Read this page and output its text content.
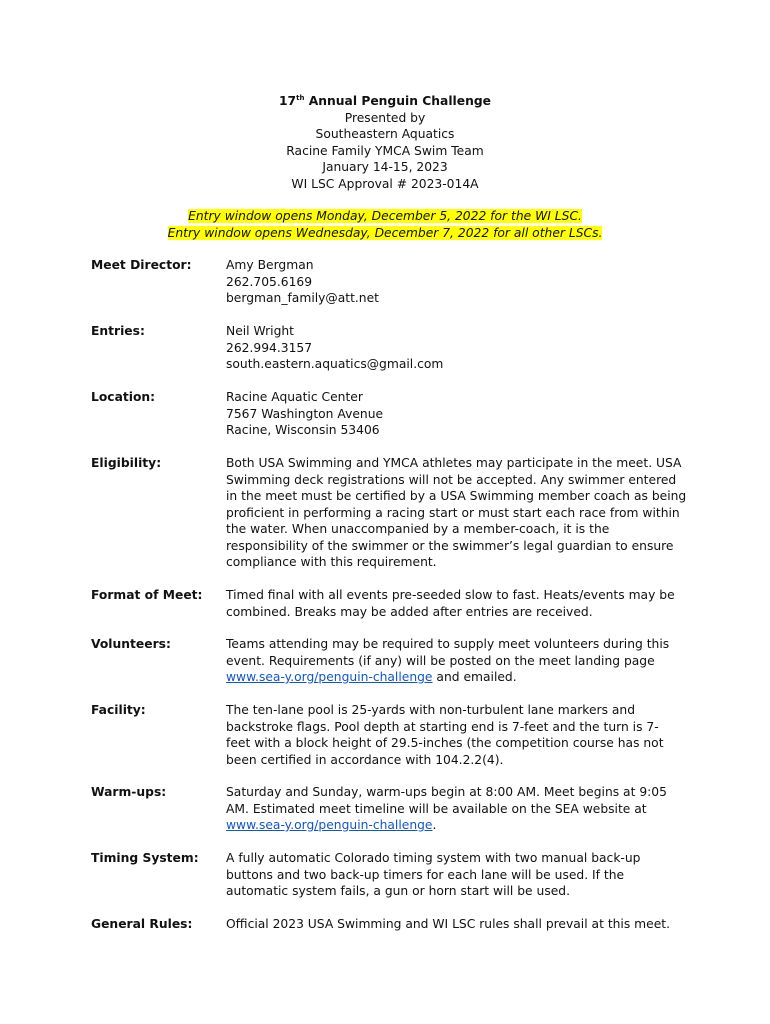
17th Annual Penguin Challenge
Presented by
Southeastern Aquatics
Racine Family YMCA Swim Team
January 14-15, 2023
WI LSC Approval # 2023-014A
Entry window opens Monday, December 5, 2022 for the WI LSC.
Entry window opens Wednesday, December 7, 2022 for all other LSCs.
Meet Director:	Amy Bergman
262.705.6169
bergman_family@att.net
Entries:	Neil Wright
262.994.3157
south.eastern.aquatics@gmail.com
Location:	Racine Aquatic Center
7567 Washington Avenue
Racine, Wisconsin 53406
Eligibility:	Both USA Swimming and YMCA athletes may participate in the meet. USA
Swimming deck registrations will not be accepted. Any swimmer entered
in the meet must be certified by a USA Swimming member coach as being
proficient in performing a racing start or must start each race from within
the water. When unaccompanied by a member-coach, it is the
responsibility of the swimmer or the swimmer’s legal guardian to ensure
compliance with this requirement.
Format of Meet:	Timed final with all events pre-seeded slow to fast. Heats/events may be
combined. Breaks may be added after entries are received.
Volunteers:	Teams attending may be required to supply meet volunteers during this
event. Requirements (if any) will be posted on the meet landing page
www.sea-y.org/penguin-challenge and emailed.
Facility:	The ten-lane pool is 25-yards with non-turbulent lane markers and
backstroke flags. Pool depth at starting end is 7-feet and the turn is 7-
feet with a block height of 29.5-inches (the competition course has not
been certified in accordance with 104.2.2(4).
Warm-ups:	Saturday and Sunday, warm-ups begin at 8:00 AM. Meet begins at 9:05
AM. Estimated meet timeline will be available on the SEA website at
www.sea-y.org/penguin-challenge.
Timing System:	A fully automatic Colorado timing system with two manual back-up
buttons and two back-up timers for each lane will be used. If the
automatic system fails, a gun or horn start will be used.
General Rules:	Official 2023 USA Swimming and WI LSC rules shall prevail at this meet.
